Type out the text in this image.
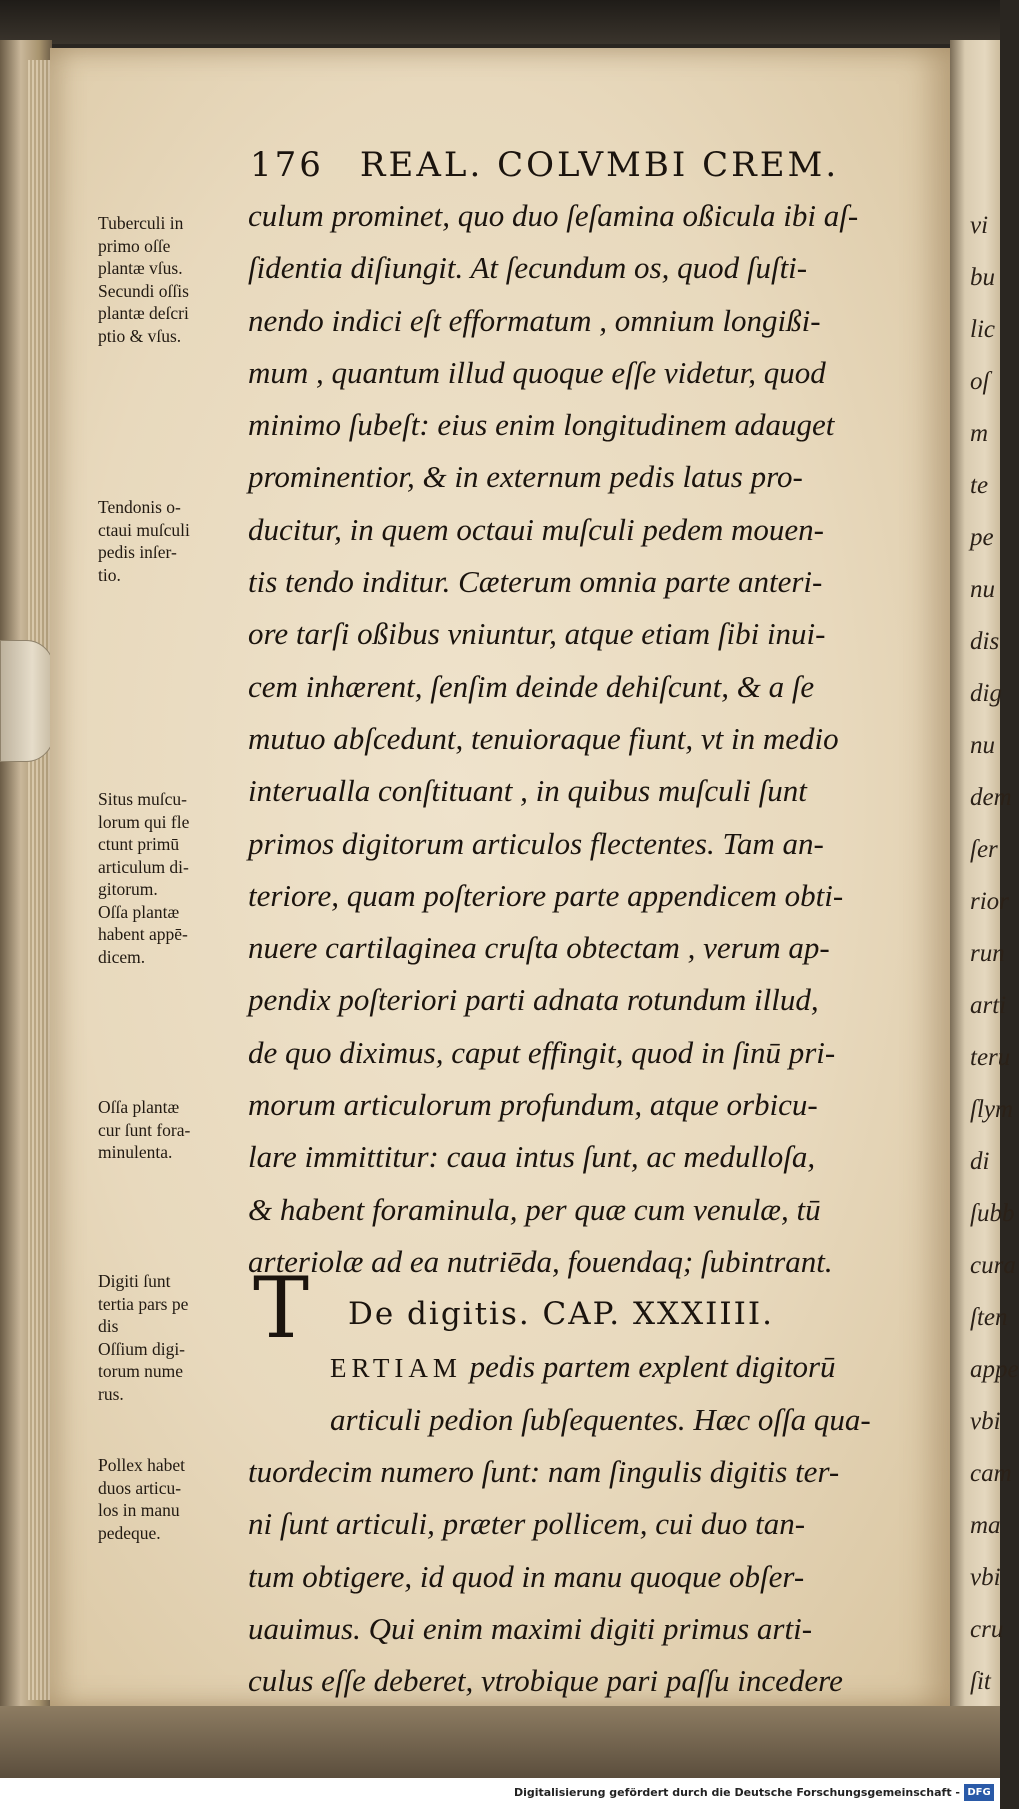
176 REAL. COLVMBI CREM.
culum prominet, quo duo ſeſamina oßicula ibi aſ-
ſidentia diſiungit. At ſecundum os, quod ſuſti-
nendo indici eſt efformatum , omnium longißi-
mum , quantum illud quoque eſſe videtur, quod
minimo ſubeſt: eius enim longitudinem adauget
prominentior, & in externum pedis latus pro-
ducitur, in quem octaui muſculi pedem mouen-
tis tendo inditur. Cæterum omnia parte anteri-
ore tarſi oßibus vniuntur, atque etiam ſibi inui-
cem inhærent, ſenſim deinde dehiſcunt, & a ſe
mutuo abſcedunt, tenuioraque fiunt, vt in medio
interualla conſtituant , in quibus muſculi ſunt
primos digitorum articulos flectentes. Tam an-
teriore, quam poſteriore parte appendicem obti-
nuere cartilaginea cruſta obtectam , verum ap-
pendix poſteriori parti adnata rotundum illud,
de quo diximus, caput effingit, quod in ſinū pri-
morum articulorum profundum, atque orbicu-
lare immittitur: caua intus ſunt, ac medulloſa,
& habent foraminula, per quæ cum venulæ, tū
arteriolæ ad ea nutriēda, fouendaq; ſubintrant.
De digitis. CAP. XXXIIII.
ERTIAM pedis partem explent digitorū
articuli pedion ſubſequentes. Hæc oſſa qua-
tuordecim numero ſunt: nam ſingulis digitis ter-
ni ſunt articuli, præter pollicem, cui duo tan-
tum obtigere, id quod in manu quoque obſer-
uauimus. Qui enim maximi digiti primus arti-
culus eſſe deberet, vtrobique pari paſſu incedere
T
Tuberculi in
primo oſſe
plantæ vſus.
Secundi oſſis
plantæ deſcri
ptio & vſus.
Tendonis o-
ctaui muſculi
pedis inſer-
tio.
Situs muſcu-
lorum qui fle
ctunt primū
articulum di-
gitorum.
Oſſa plantæ
habent appē-
dicem.
Oſſa plantæ
cur ſunt fora-
minulenta.
Digiti ſunt
tertia pars pe
dis
Oſſium digi-
torum nume
rus.
Pollex habet
duos articu-
los in manu
pedeque.
vi
bu
lic
oſ
m
te
pe
nu
dis
dig
nu
dem
ſer
rior
run
arti
teru
ſlym
di
ſubb
cura
ſten
appe
vbi
cam
ma
vbi
cru
ſit
Digitalisierung gefördert durch die Deutsche Forschungsgemeinschaft - DFG
